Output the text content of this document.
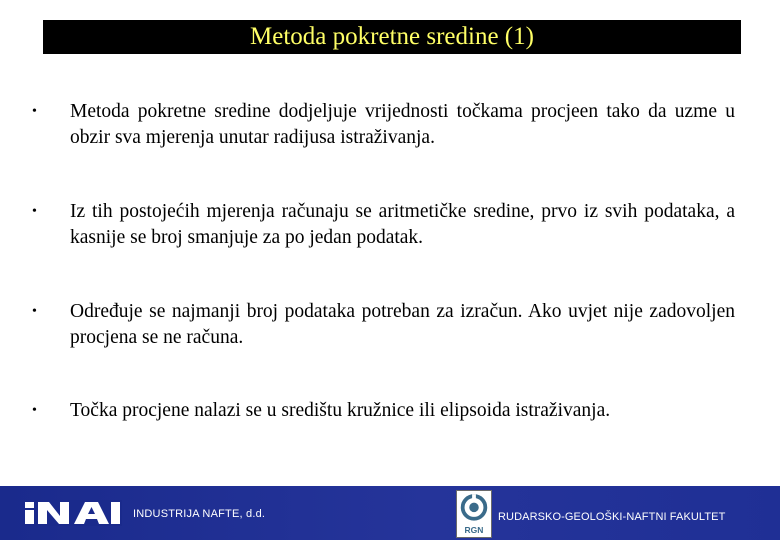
Metoda pokretne sredine (1)
•	Metoda pokretne sredine dodjeljuje vrijednosti točkama procjeen tako da uzme u obzir sva mjerenja unutar radijusa istraživanja.
•	Iz tih postojećih mjerenja računaju se aritmetičke sredine, prvo iz svih podataka, a kasnije se broj smanjuje za po jedan podatak.
•	Određuje se najmanji broj podataka potreban za izračun. Ako uvjet nije zadovoljen procjena se ne računa.
•	Točka procjene nalazi se u središtu kružnice ili elipsoida istraživanja.
INDUSTRIJA NAFTE, d.d.
RGN
RUDARSKO-GEOLOŠKI-NAFTNI FAKULTET
